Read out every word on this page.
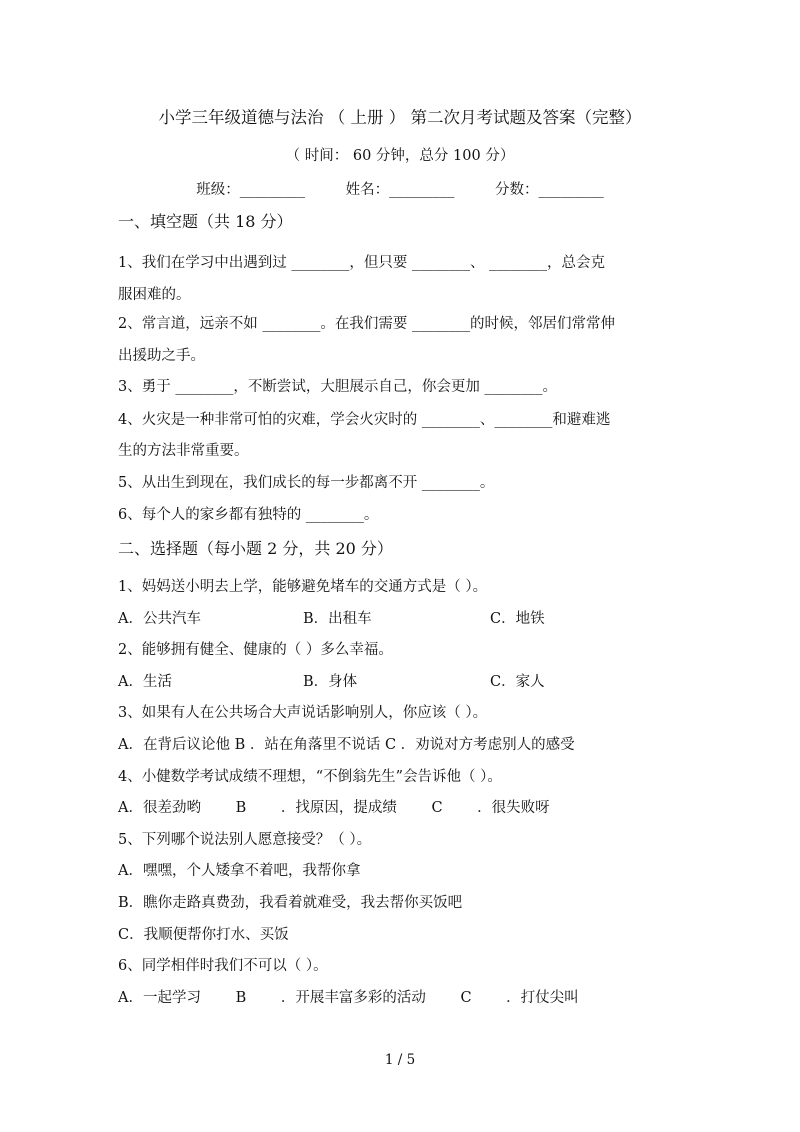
小学三年级道德与法治 （ 上册 ） 第二次月考试题及答案（完整）
（ 时间： 60 分钟，总分 100 分）
班级：_________	姓名：_________	分数：_________
一、填空题（共 18 分）
1、我们在学习中出遇到过 ________，但只要 ________、 ________，总会克
服困难的。
2、常言道，远亲不如 ________。在我们需要 ________的时候，邻居们常常伸
出援助之手。
3、勇于 ________，不断尝试，大胆展示自己，你会更加 ________。
4、火灾是一种非常可怕的灾难，学会火灾时的 ________、________和避难逃
生的方法非常重要。
5、从出生到现在，我们成长的每一步都离不开 ________。
6、每个人的家乡都有独特的 ________。
二、选择题（每小题 2 分，共 20 分）
1、妈妈送小明去上学，能够避免堵车的交通方式是（ ）。
A．公共汽车	B．出租车	C．地铁
2、能够拥有健全、健康的（ ）多么幸福。
A．生活	B．身体	C．家人
3、如果有人在公共场合大声说话影响别人，你应该（ ）。
A．在背后议论他 B ．站在角落里不说话 C ．劝说对方考虑别人的感受
4、小健数学考试成绩不理想，“不倒翁先生”会告诉他（ ）。
A．很差劲哟 B ．找原因，提成绩 C ．很失败呀
5、下列哪个说法别人愿意接受？（ ）。
A．嘿嘿，个人矮拿不着吧，我帮你拿
B．瞧你走路真费劲，我看着就难受，我去帮你买饭吧
C．我顺便帮你打水、买饭
6、同学相伴时我们不可以（ ）。
A．一起学习 B ．开展丰富多彩的活动 C ．打仗尖叫
1 / 5
